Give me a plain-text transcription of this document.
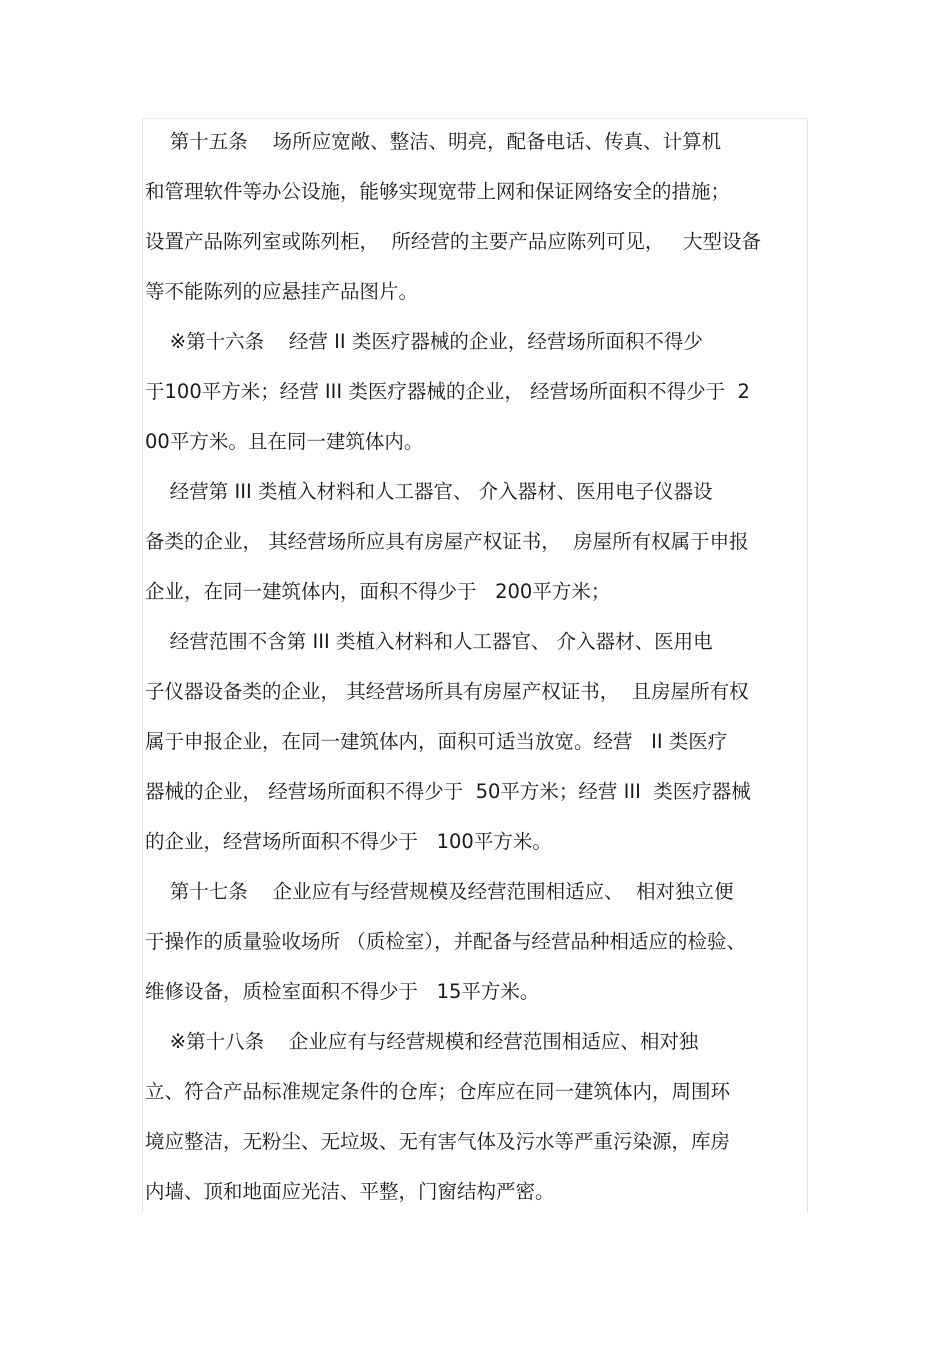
第十五条    场所应宽敞、整洁、明亮，配备电话、传真、计算机
和管理软件等办公设施，能够实现宽带上网和保证网络安全的措施；
设置产品陈列室或陈列柜，  所经营的主要产品应陈列可见，   大型设备
等不能陈列的应悬挂产品图片。
※第十六条    经营 II 类医疗器械的企业，经营场所面积不得少
于100平方米；经营 III 类医疗器械的企业， 经营场所面积不得少于  2
00平方米。且在同一建筑体内。
经营第 III 类植入材料和人工器官、 介入器材、医用电子仪器设
备类的企业， 其经营场所应具有房屋产权证书，  房屋所有权属于申报
企业，在同一建筑体内，面积不得少于   200平方米；
经营范围不含第 III 类植入材料和人工器官、 介入器材、医用电
子仪器设备类的企业， 其经营场所具有房屋产权证书，  且房屋所有权
属于申报企业，在同一建筑体内，面积可适当放宽。经营   II 类医疗
器械的企业， 经营场所面积不得少于  50平方米；经营 III  类医疗器械
的企业，经营场所面积不得少于   100平方米。
第十七条    企业应有与经营规模及经营范围相适应、  相对独立便
于操作的质量验收场所 （质检室），并配备与经营品种相适应的检验、
维修设备，质检室面积不得少于   15平方米。
※第十八条    企业应有与经营规模和经营范围相适应、相对独
立、符合产品标准规定条件的仓库；仓库应在同一建筑体内，周围环
境应整洁，无粉尘、无垃圾、无有害气体及污水等严重污染源，库房
内墙、顶和地面应光洁、平整，门窗结构严密。
